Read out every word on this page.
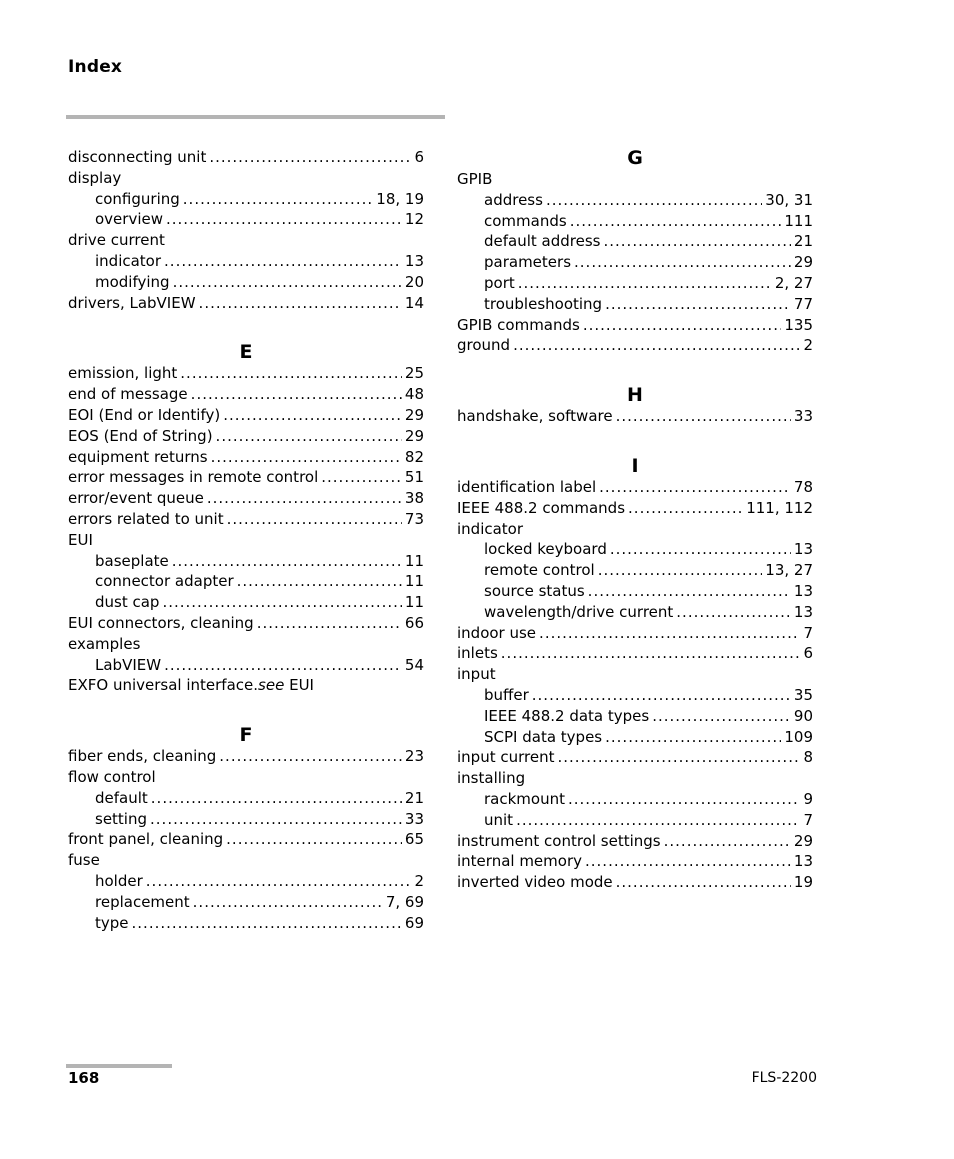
Index
disconnecting unit .....	6
display
configuring .....	18, 19
overview .....	12
drive current
indicator .....	13
modifying .....	20
drivers, LabVIEW .....	14
E
emission, light .....	25
end of message .....	48
EOI (End or Identify) .....	29
EOS (End of String) .....	29
equipment returns .....	82
error messages in remote control .....	51
error/event queue .....	38
errors related to unit .....	73
EUI
baseplate .....	11
connector adapter .....	11
dust cap .....	11
EUI connectors, cleaning .....	66
examples
LabVIEW .....	54
EXFO universal interface. see
EUI
F
fiber ends, cleaning .....	23
flow control
default .....	21
setting .....	33
front panel, cleaning .....	65
fuse
holder .....	2
replacement .....	7, 69
type .....	69
G
GPIB
address .....	30, 31
commands .....	111
default address .....	21
parameters .....	29
port .....	2, 27
troubleshooting .....	77
GPIB commands .....	135
ground .....	2
H
handshake, software .....	33
I
identification label .....	78
IEEE 488.2 commands .....	111, 112
indicator
locked keyboard .....	13
remote control .....	13, 27
source status .....	13
wavelength/drive current .....	13
indoor use .....	7
inlets .....	6
input
buffer .....	35
IEEE 488.2 data types .....	90
SCPI data types .....	109
input current .....	8
installing
rackmount .....	9
unit .....	7
instrument control settings .....	29
internal memory .....	13
inverted video mode .....	19
168	FLS-2200
